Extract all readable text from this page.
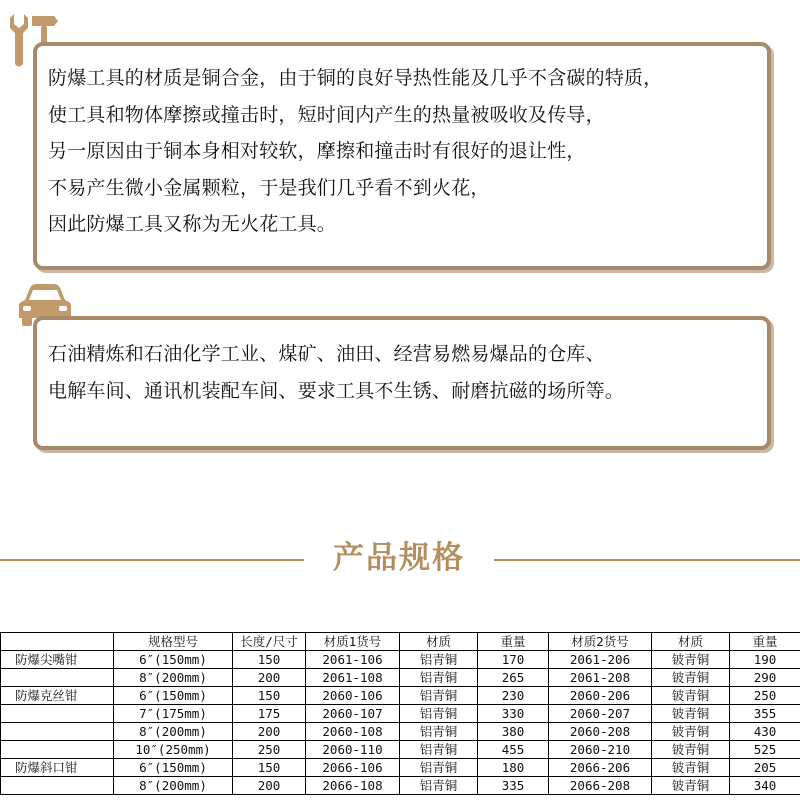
防爆工具的材质是铜合金，由于铜的良好导热性能及几乎不含碳的特质，
使工具和物体摩擦或撞击时，短时间内产生的热量被吸收及传导，
另一原因由于铜本身相对较软，摩擦和撞击时有很好的退让性，
不易产生微小金属颗粒，于是我们几乎看不到火花，
因此防爆工具又称为无火花工具。
石油精炼和石油化学工业、煤矿、油田、经营易燃易爆品的仓库、
电解车间、通讯机装配车间、要求工具不生锈、耐磨抗磁的场所等。
产品规格
	规格型号	长度/尺寸	材质1货号	材质	重量	材质2货号	材质	重量
防爆尖嘴钳	6″(150mm)	150	2061-106	铝青铜	170	2061-206	铍青铜	190
	8″(200mm)	200	2061-108	铝青铜	265	2061-208	铍青铜	290
防爆克丝钳	6″(150mm)	150	2060-106	铝青铜	230	2060-206	铍青铜	250
	7″(175mm)	175	2060-107	铝青铜	330	2060-207	铍青铜	355
	8″(200mm)	200	2060-108	铝青铜	380	2060-208	铍青铜	430
	10″(250mm)	250	2060-110	铝青铜	455	2060-210	铍青铜	525
防爆斜口钳	6″(150mm)	150	2066-106	铝青铜	180	2066-206	铍青铜	205
	8″(200mm)	200	2066-108	铝青铜	335	2066-208	铍青铜	340
